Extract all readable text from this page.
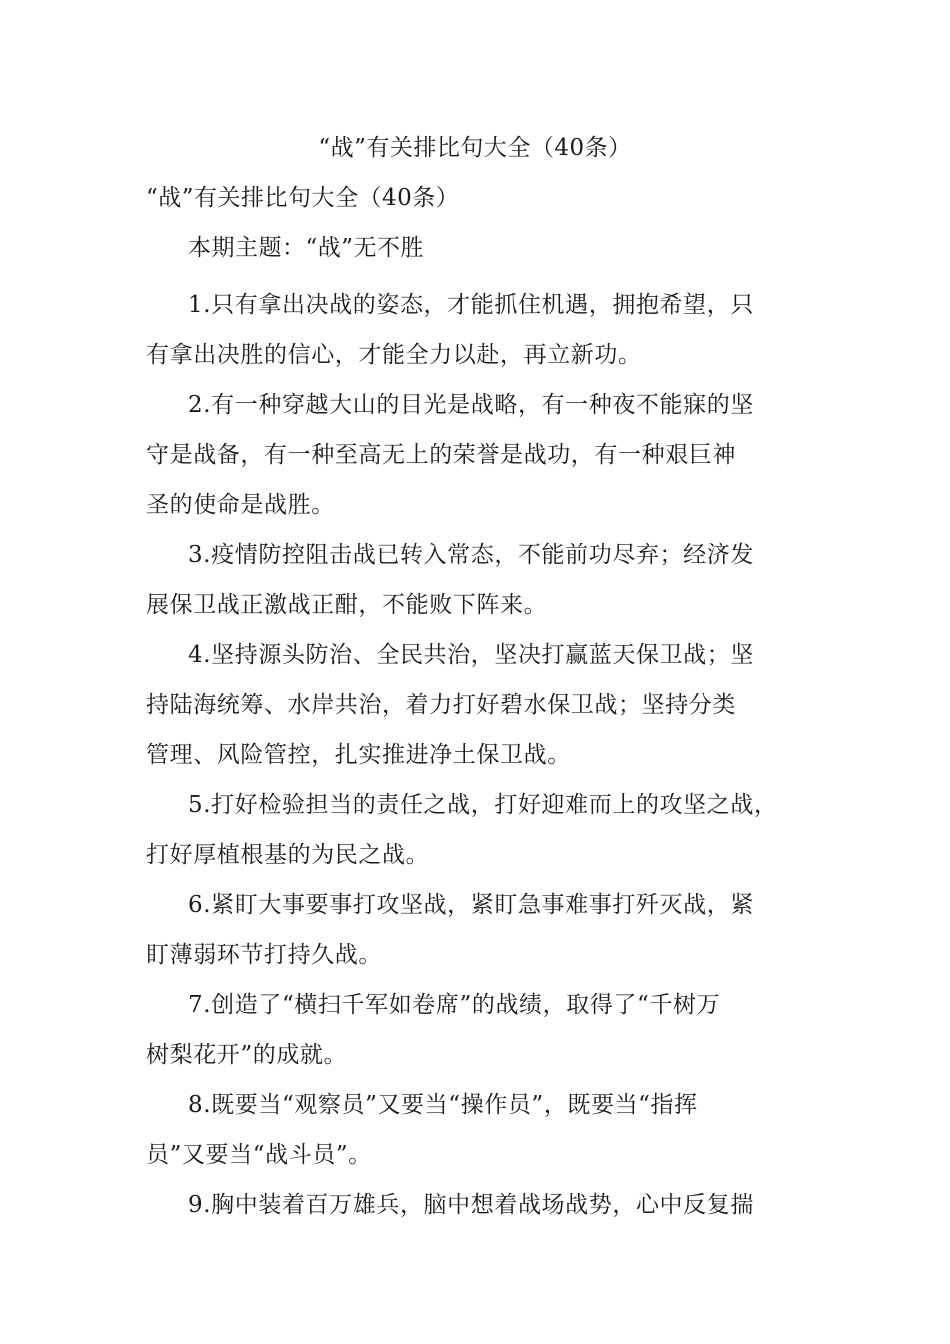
“战”有关排比句大全（40条）
“战”有关排比句大全（40条）
本期主题：“战”无不胜
1.只有拿出决战的姿态，才能抓住机遇，拥抱希望，只
有拿出决胜的信心，才能全力以赴，再立新功。
2.有一种穿越大山的目光是战略，有一种夜不能寐的坚
守是战备，有一种至高无上的荣誉是战功，有一种艰巨神
圣的使命是战胜。
3.疫情防控阻击战已转入常态，不能前功尽弃；经济发
展保卫战正激战正酣，不能败下阵来。
4.坚持源头防治、全民共治，坚决打赢蓝天保卫战；坚
持陆海统筹、水岸共治，着力打好碧水保卫战；坚持分类
管理、风险管控，扎实推进净土保卫战。
5.打好检验担当的责任之战，打好迎难而上的攻坚之战，
打好厚植根基的为民之战。
6.紧盯大事要事打攻坚战，紧盯急事难事打歼灭战，紧
盯薄弱环节打持久战。
7.创造了“横扫千军如卷席”的战绩，取得了“千树万
树梨花开”的成就。
8.既要当“观察员”又要当“操作员”，既要当“指挥
员”又要当“战斗员”。
9.胸中装着百万雄兵，脑中想着战场战势，心中反复揣
